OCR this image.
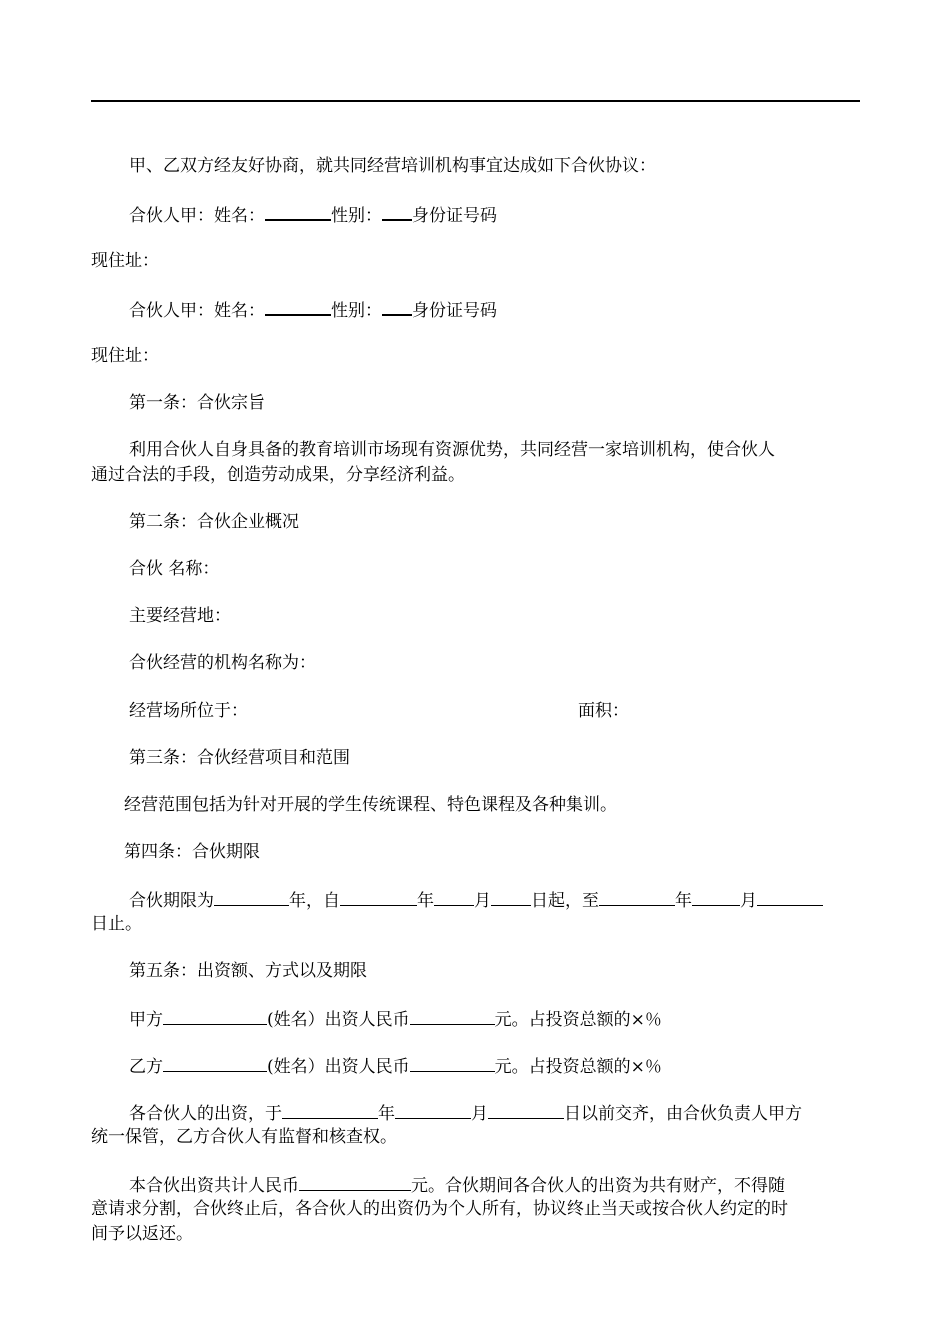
甲、乙双方经友好协商，就共同经营培训机构事宜达成如下合伙协议：
合伙人甲：姓名：	性别： 身份证号码
现住址：
合伙人甲：姓名：	性别： 身份证号码
现住址：
第一条：合伙宗旨
利用合伙人自身具备的教育培训市场现有资源优势，共同经营一家培训机构，使合伙人
通过合法的手段，创造劳动成果，分享经济利益。
第二条：合伙企业概况
合伙 名称：
主要经营地：
合伙经营的机构名称为：
经营场所位于：	面积：
第三条：合伙经营项目和范围
经营范围包括为针对开展的学生传统课程、特色课程及各种集训。
第四条：合伙期限
合伙期限为	年，自	年 月 日起，至	年	月
日止。
第五条：出资额、方式以及期限
甲方	(姓名）出资人民币	元。占投资总额的×％
乙方	(姓名）出资人民币	元。占投资总额的×％
各合伙人的出资，于	年	月	日以前交齐，由合伙负责人甲方
统一保管，乙方合伙人有监督和核查权。
本合伙出资共计人民币	元。合伙期间各合伙人的出资为共有财产，不得随
意请求分割，合伙终止后，各合伙人的出资仍为个人所有，协议终止当天或按合伙人约定的时
间予以返还。
